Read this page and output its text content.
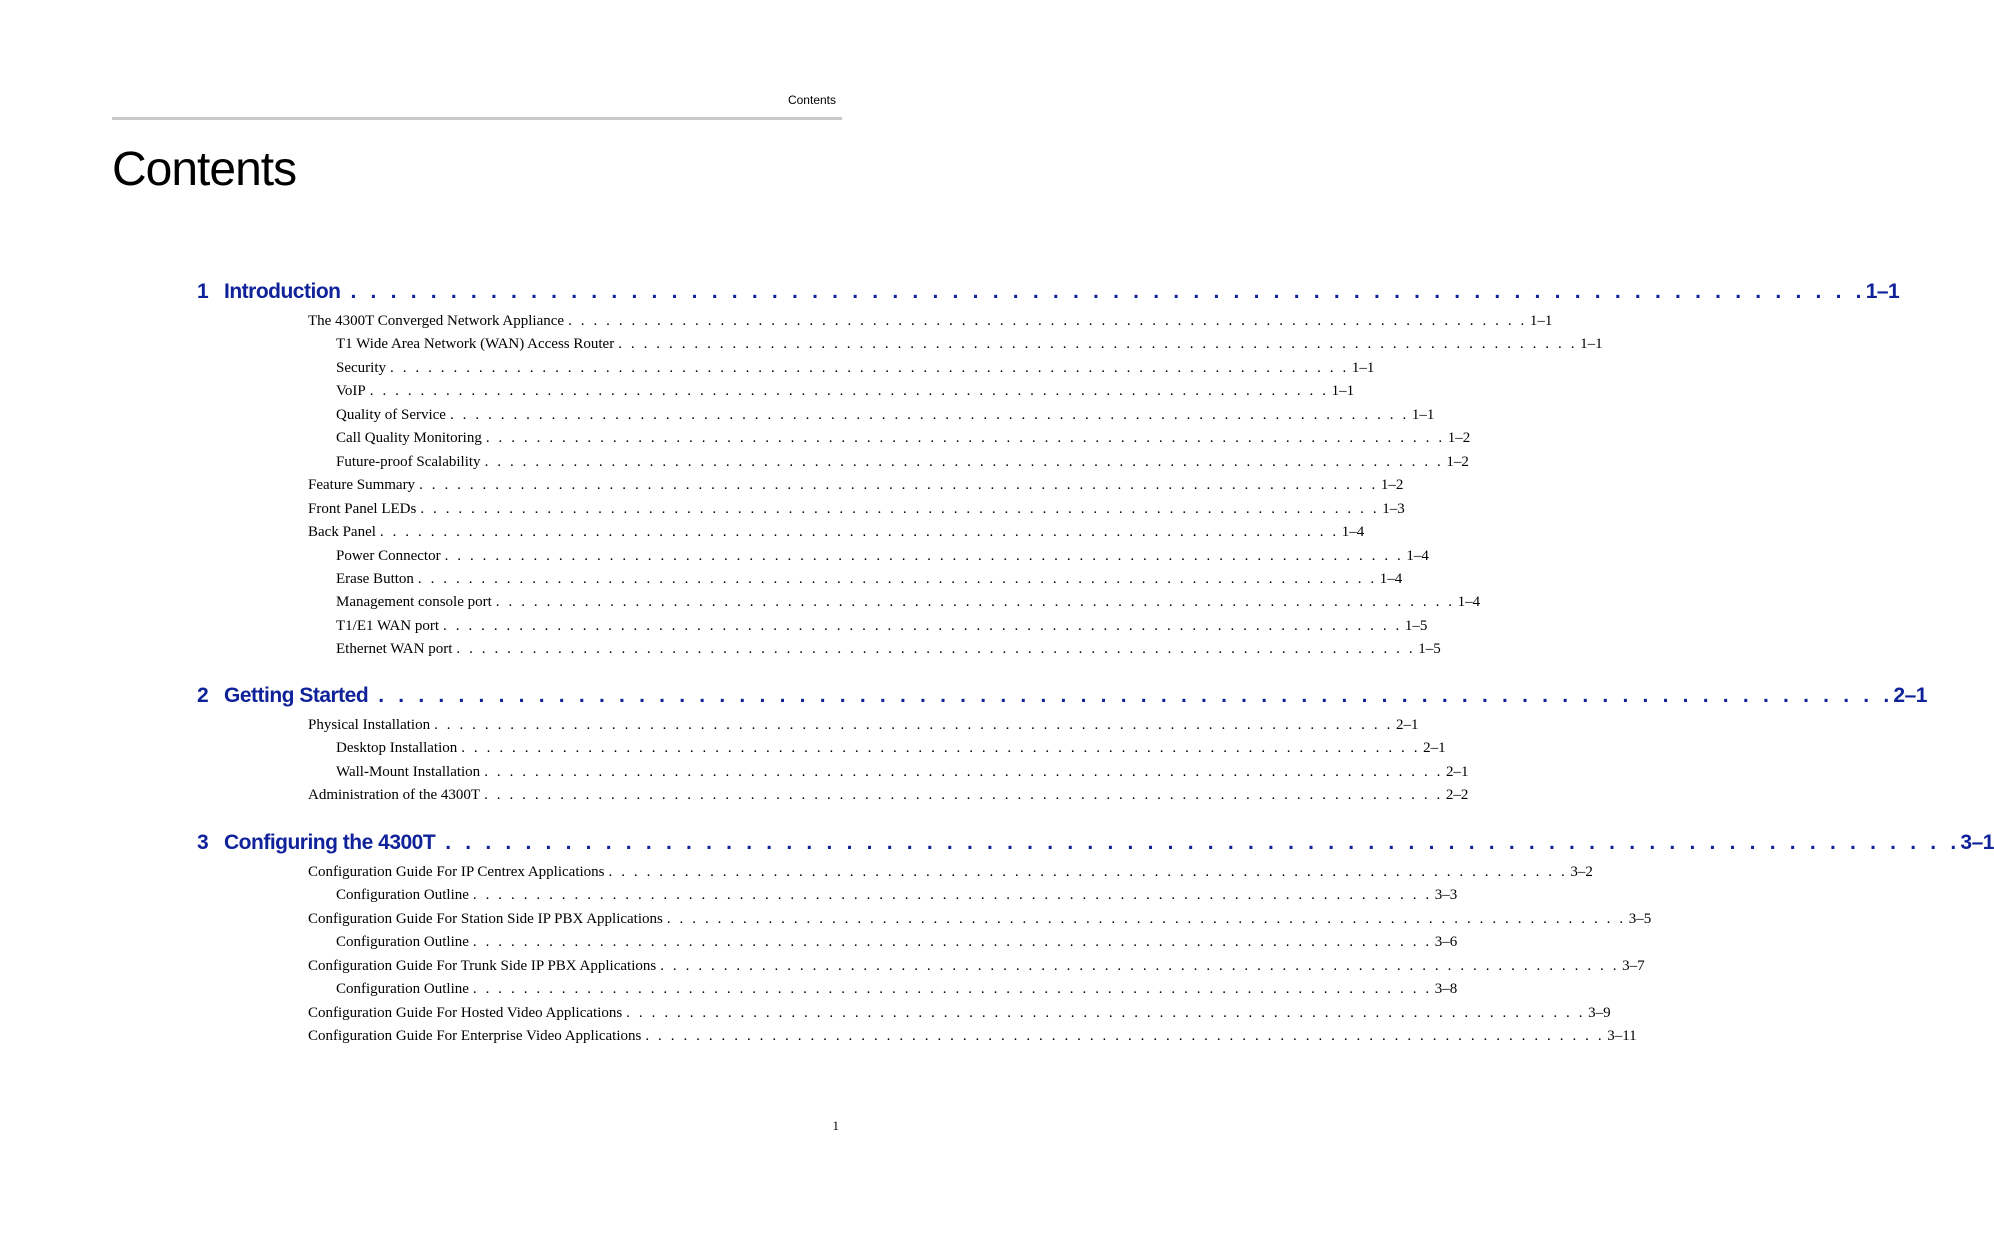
Contents
Contents
1 Introduction . . . . . . . . . . . . . . . . . . . . . . . . . . . . . . . . . . . . . . . . . . . . . . . . . . . . . . . . . . . . . . . . . . . . . . . . . . . . 1–1
The 4300T Converged Network Appliance . . . . . . . . . . . . . . . . . . . . . . . . . . . . . . . . . . . . . . . . . . . . . . . . . . . . . . . . . . . . . . . . . . . . . . . . . . . . 1–1
T1 Wide Area Network (WAN) Access Router . . . . . . . . . . . . . . . . . . . . . . . . . . . . . . . . . . . . . . . . . . . . . . . . . . . . . . . . . . . . . . . . . . . . . . . . . . . . 1–1
Security . . . . . . . . . . . . . . . . . . . . . . . . . . . . . . . . . . . . . . . . . . . . . . . . . . . . . . . . . . . . . . . . . . . . . . . . . . . . 1–1
VoIP . . . . . . . . . . . . . . . . . . . . . . . . . . . . . . . . . . . . . . . . . . . . . . . . . . . . . . . . . . . . . . . . . . . . . . . . . . . . 1–1
Quality of Service . . . . . . . . . . . . . . . . . . . . . . . . . . . . . . . . . . . . . . . . . . . . . . . . . . . . . . . . . . . . . . . . . . . . . . . . . . . . 1–1
Call Quality Monitoring . . . . . . . . . . . . . . . . . . . . . . . . . . . . . . . . . . . . . . . . . . . . . . . . . . . . . . . . . . . . . . . . . . . . . . . . . . . . 1–2
Future-proof Scalability . . . . . . . . . . . . . . . . . . . . . . . . . . . . . . . . . . . . . . . . . . . . . . . . . . . . . . . . . . . . . . . . . . . . . . . . . . . . 1–2
Feature Summary . . . . . . . . . . . . . . . . . . . . . . . . . . . . . . . . . . . . . . . . . . . . . . . . . . . . . . . . . . . . . . . . . . . . . . . . . . . . 1–2
Front Panel LEDs . . . . . . . . . . . . . . . . . . . . . . . . . . . . . . . . . . . . . . . . . . . . . . . . . . . . . . . . . . . . . . . . . . . . . . . . . . . . 1–3
Back Panel . . . . . . . . . . . . . . . . . . . . . . . . . . . . . . . . . . . . . . . . . . . . . . . . . . . . . . . . . . . . . . . . . . . . . . . . . . . . 1–4
Power Connector . . . . . . . . . . . . . . . . . . . . . . . . . . . . . . . . . . . . . . . . . . . . . . . . . . . . . . . . . . . . . . . . . . . . . . . . . . . . 1–4
Erase Button . . . . . . . . . . . . . . . . . . . . . . . . . . . . . . . . . . . . . . . . . . . . . . . . . . . . . . . . . . . . . . . . . . . . . . . . . . . . 1–4
Management console port . . . . . . . . . . . . . . . . . . . . . . . . . . . . . . . . . . . . . . . . . . . . . . . . . . . . . . . . . . . . . . . . . . . . . . . . . . . . 1–4
T1/E1 WAN port . . . . . . . . . . . . . . . . . . . . . . . . . . . . . . . . . . . . . . . . . . . . . . . . . . . . . . . . . . . . . . . . . . . . . . . . . . . . 1–5
Ethernet WAN port . . . . . . . . . . . . . . . . . . . . . . . . . . . . . . . . . . . . . . . . . . . . . . . . . . . . . . . . . . . . . . . . . . . . . . . . . . . . 1–5
2 Getting Started . . . . . . . . . . . . . . . . . . . . . . . . . . . . . . . . . . . . . . . . . . . . . . . . . . . . . . . . . . . . . . . . . . . . . . . . . . . . 2–1
Physical Installation . . . . . . . . . . . . . . . . . . . . . . . . . . . . . . . . . . . . . . . . . . . . . . . . . . . . . . . . . . . . . . . . . . . . . . . . . . . . 2–1
Desktop Installation . . . . . . . . . . . . . . . . . . . . . . . . . . . . . . . . . . . . . . . . . . . . . . . . . . . . . . . . . . . . . . . . . . . . . . . . . . . . 2–1
Wall-Mount Installation . . . . . . . . . . . . . . . . . . . . . . . . . . . . . . . . . . . . . . . . . . . . . . . . . . . . . . . . . . . . . . . . . . . . . . . . . . . . 2–1
Administration of the 4300T . . . . . . . . . . . . . . . . . . . . . . . . . . . . . . . . . . . . . . . . . . . . . . . . . . . . . . . . . . . . . . . . . . . . . . . . . . . . 2–2
3 Configuring the 4300T . . . . . . . . . . . . . . . . . . . . . . . . . . . . . . . . . . . . . . . . . . . . . . . . . . . . . . . . . . . . . . . . . . . . . . . . . . . . 3–1
Configuration Guide For IP Centrex Applications . . . . . . . . . . . . . . . . . . . . . . . . . . . . . . . . . . . . . . . . . . . . . . . . . . . . . . . . . . . . . . . . . . . . . . . . . . . . 3–2
Configuration Outline . . . . . . . . . . . . . . . . . . . . . . . . . . . . . . . . . . . . . . . . . . . . . . . . . . . . . . . . . . . . . . . . . . . . . . . . . . . . 3–3
Configuration Guide For Station Side IP PBX Applications . . . . . . . . . . . . . . . . . . . . . . . . . . . . . . . . . . . . . . . . . . . . . . . . . . . . . . . . . . . . . . . . . . . . . . . . . . . . 3–5
Configuration Outline . . . . . . . . . . . . . . . . . . . . . . . . . . . . . . . . . . . . . . . . . . . . . . . . . . . . . . . . . . . . . . . . . . . . . . . . . . . . 3–6
Configuration Guide For Trunk Side IP PBX Applications . . . . . . . . . . . . . . . . . . . . . . . . . . . . . . . . . . . . . . . . . . . . . . . . . . . . . . . . . . . . . . . . . . . . . . . . . . . . 3–7
Configuration Outline . . . . . . . . . . . . . . . . . . . . . . . . . . . . . . . . . . . . . . . . . . . . . . . . . . . . . . . . . . . . . . . . . . . . . . . . . . . . 3–8
Configuration Guide For Hosted Video Applications . . . . . . . . . . . . . . . . . . . . . . . . . . . . . . . . . . . . . . . . . . . . . . . . . . . . . . . . . . . . . . . . . . . . . . . . . . . . 3–9
Configuration Guide For Enterprise Video Applications . . . . . . . . . . . . . . . . . . . . . . . . . . . . . . . . . . . . . . . . . . . . . . . . . . . . . . . . . . . . . . . . . . . . . . . . . . . . 3–11
1
